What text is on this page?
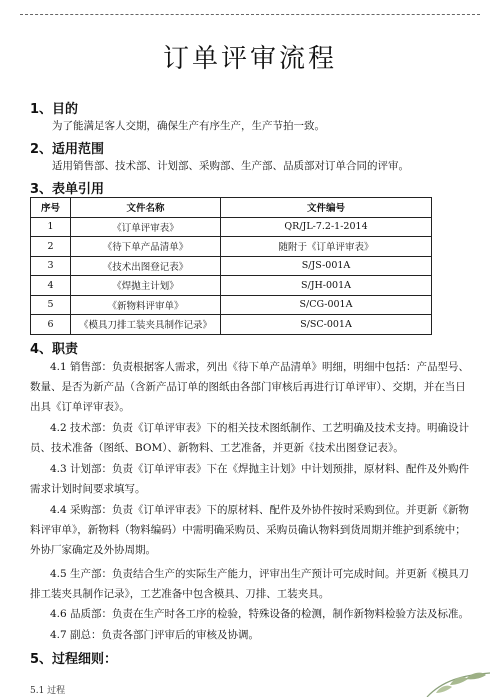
订单评审流程
1、目的
为了能满足客人交期，确保生产有序生产，生产节拍一致。
2、适用范围
适用销售部、技术部、计划部、采购部、生产部、品质部对订单合同的评审。
3、表单引用
序号	文件名称	文件编号
1	《订单评审表》	QR/JL-7.2-1-2014
2	《待下单产品清单》	随附于《订单评审表》
3	《技术出图登记表》	S/JS-001A
4	《焊抛主计划》	S/JH-001A
5	《新物料评审单》	S/CG-001A
6	《模具刀排工装夹具制作记录》	S/SC-001A
4、职责
4.1 销售部：负责根据客人需求，列出《待下单产品清单》明细，明细中包括：产品型号、数量、是否为新产品（含新产品订单的图纸由各部门审核后再进行订单评审）、交期，并在当日出具《订单评审表》。
4.2 技术部：负责《订单评审表》下的相关技术图纸制作、工艺明确及技术支持。明确设计员、技术准备（图纸、BOM）、新物料、工艺准备，并更新《技术出图登记表》。
4.3 计划部：负责《订单评审表》下在《焊抛主计划》中计划预排，原材料、配件及外购件需求计划时间要求填写。
4.4 采购部：负责《订单评审表》下的原材料、配件及外协件按时采购到位。并更新《新物料评审单》，新物料（物料编码）中需明确采购员、采购员确认物料到货周期并维护到系统中；外协厂家确定及外协周期。
4.5 生产部：负责结合生产的实际生产能力，评审出生产预计可完成时间。并更新《模具刀排工装夹具制作记录》，工艺准备中包含模具、刀排、工装夹具。
4.6 品质部：负责在生产时各工序的检验，特殊设备的检测，制作新物料检验方法及标准。
4.7 副总：负责各部门评审后的审核及协调。
5、过程细则：
5.1 过程
